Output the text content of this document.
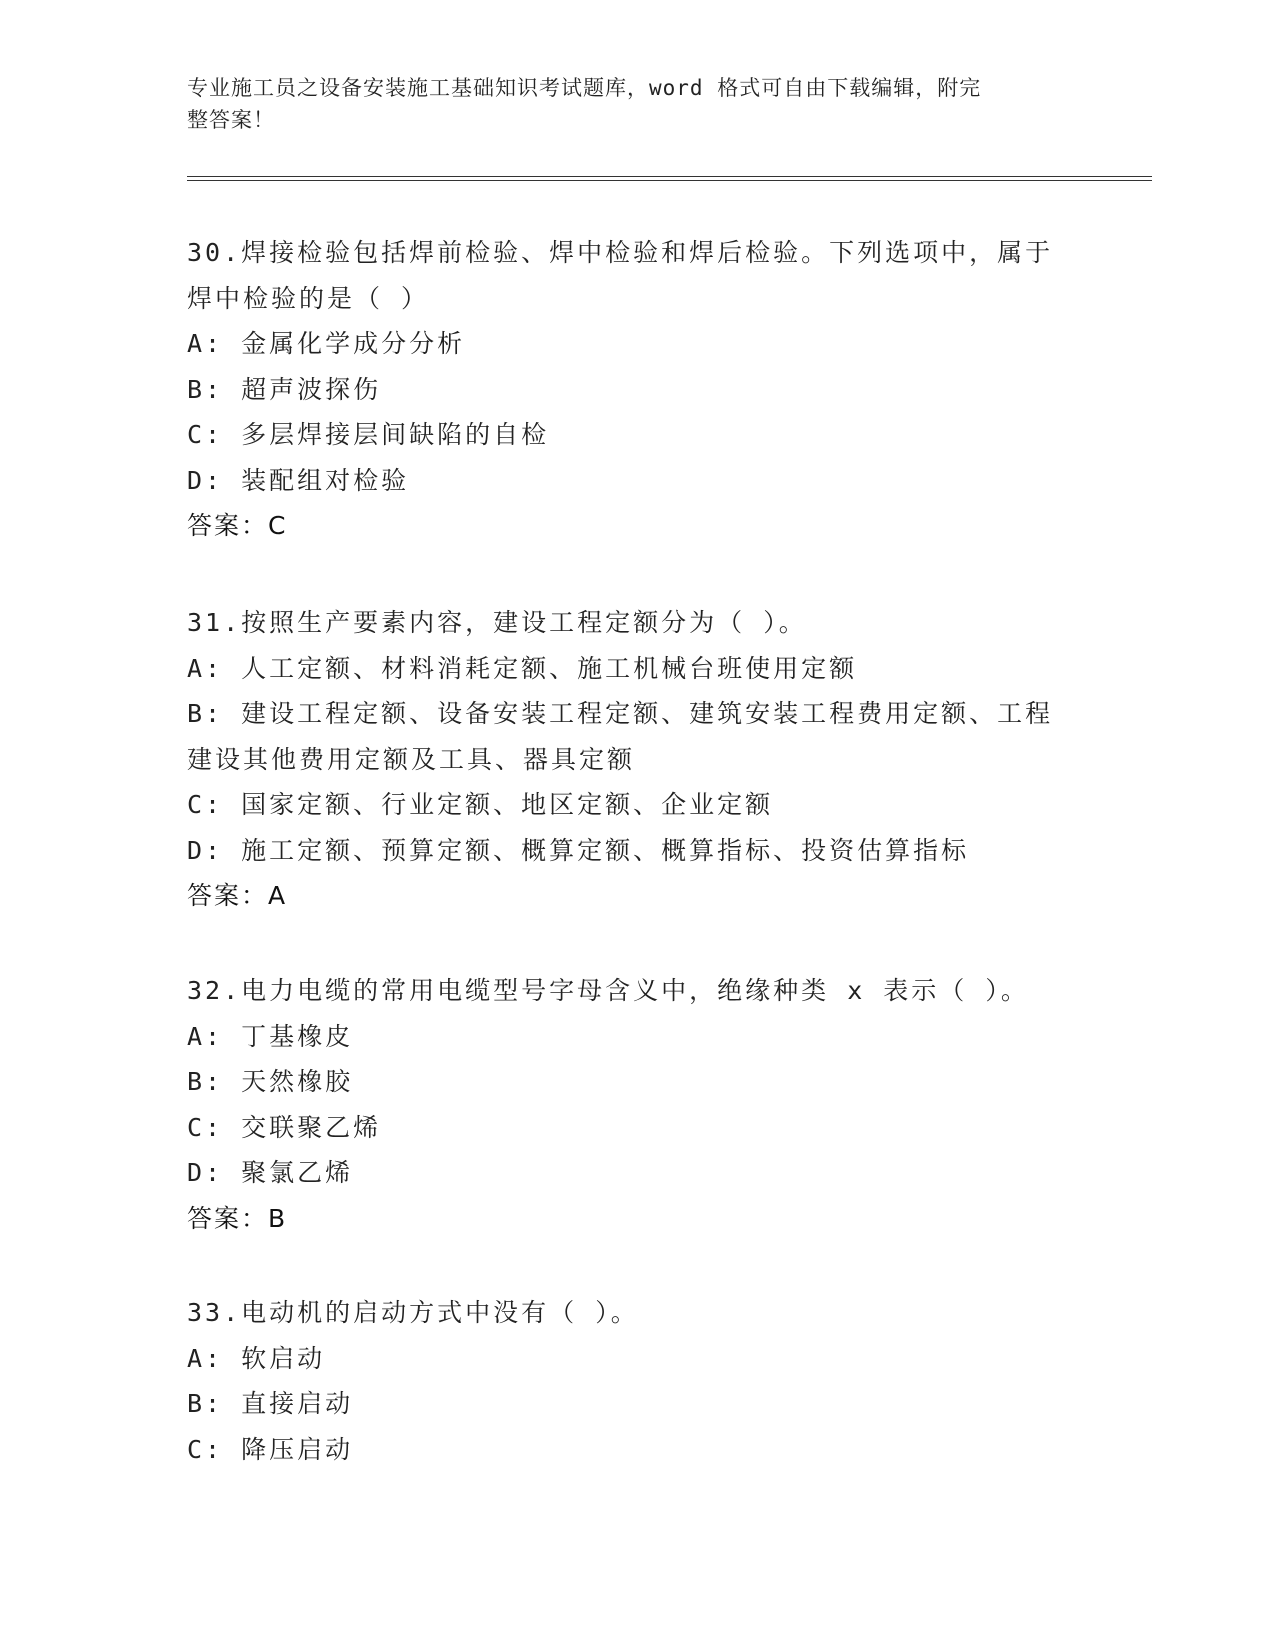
专业施工员之设备安装施工基础知识考试题库，word 格式可自由下载编辑，附完
整答案！
30.焊接检验包括焊前检验、焊中检验和焊后检验。下列选项中，属于
焊中检验的是（ ）
A: 金属化学成分分析
B: 超声波探伤
C: 多层焊接层间缺陷的自检
D: 装配组对检验
答案：C
31.按照生产要素内容，建设工程定额分为（ ）。
A: 人工定额、材料消耗定额、施工机械台班使用定额
B: 建设工程定额、设备安装工程定额、建筑安装工程费用定额、工程
建设其他费用定额及工具、器具定额
C: 国家定额、行业定额、地区定额、企业定额
D: 施工定额、预算定额、概算定额、概算指标、投资估算指标
答案：A
32.电力电缆的常用电缆型号字母含义中，绝缘种类 x 表示（ ）。
A: 丁基橡皮
B: 天然橡胶
C: 交联聚乙烯
D: 聚氯乙烯
答案：B
33.电动机的启动方式中没有（ ）。
A: 软启动
B: 直接启动
C: 降压启动
